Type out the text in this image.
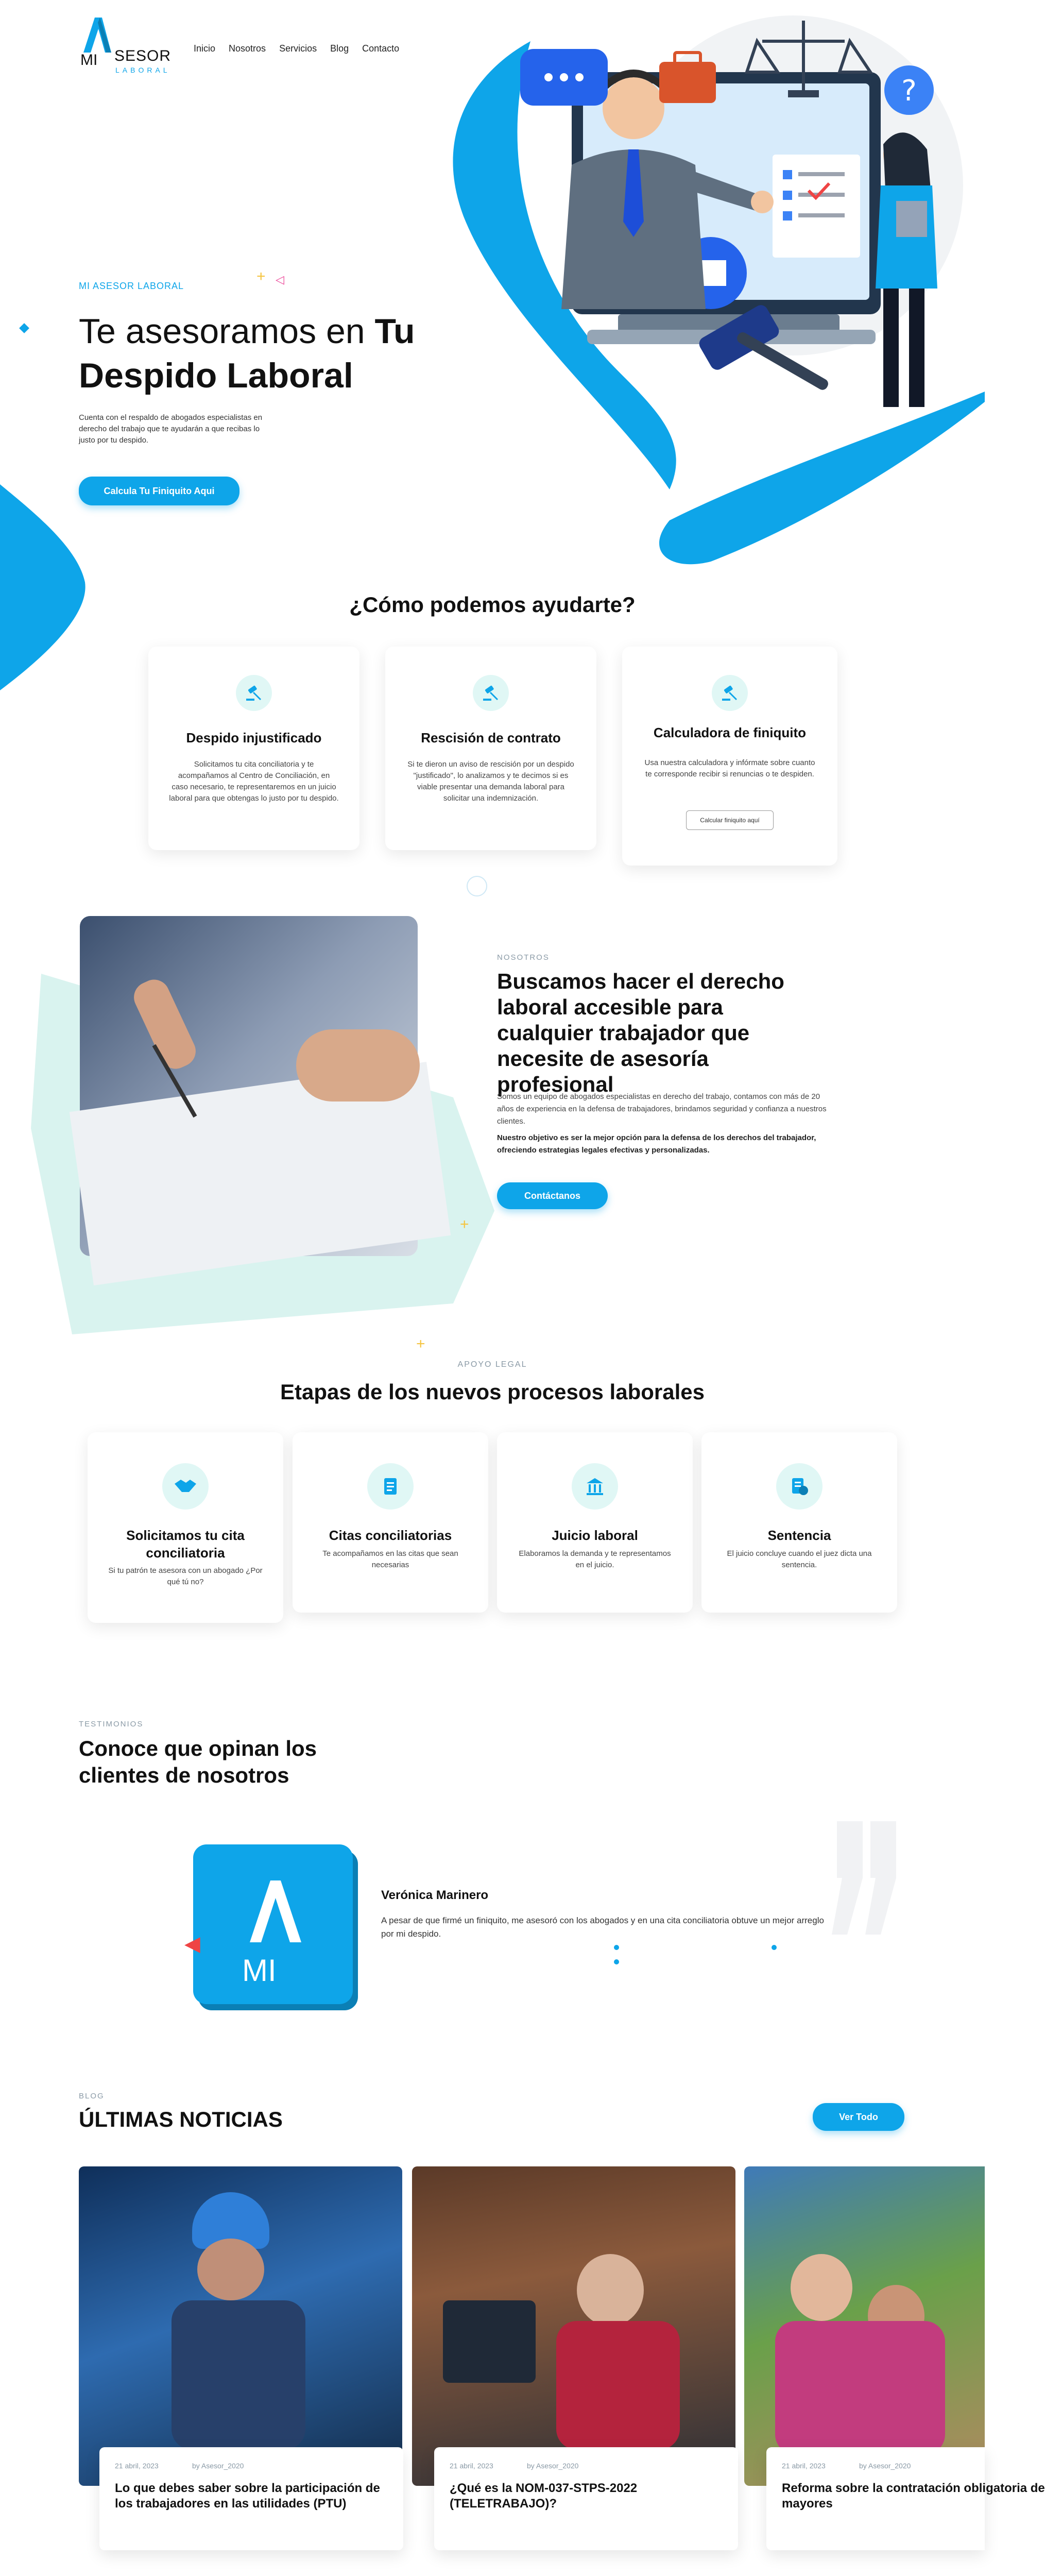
MI SESOR
LABORAL
Inicio Nosotros Servicios Blog Contacto
?
+ ◁
MI ASESOR LABORAL
Te asesoramos en Tu Despido Laboral
Cuenta con el respaldo de abogados especialistas en derecho del trabajo que te ayudarán a que recibas lo justo por tu despido.
Calcula Tu Finiquito Aqui
¿Cómo podemos ayudarte?
Despido injustificado
Solicitamos tu cita conciliatoria y te acompañamos al Centro de Conciliación, en caso necesario, te representaremos en un juicio laboral para que obtengas lo justo por tu despido.
Rescisión de contrato
Si te dieron un aviso de rescisión por un despido "justificado", lo analizamos y te decimos si es viable presentar una demanda laboral para solicitar una indemnización.
Calculadora de finiquito
Usa nuestra calculadora y infórmate sobre cuanto te corresponde recibir si renuncias o te despiden.
Calcular finiquito aquí
+
NOSOTROS
Buscamos hacer el derecho laboral accesible para cualquier trabajador que necesite de asesoría profesional
Somos un equipo de abogados especialistas en derecho del trabajo, contamos con más de 20 años de experiencia en la defensa de trabajadores, brindamos seguridad y confianza a nuestros clientes.
Nuestro objetivo es ser la mejor opción para la defensa de los derechos del trabajador, ofreciendo estrategias legales efectivas y personalizadas.
Contáctanos
+
APOYO LEGAL
Etapas de los nuevos procesos laborales
Solicitamos tu cita conciliatoria
Si tu patrón te asesora con un abogado ¿Por qué tú no?
Citas conciliatorias
Te acompañamos en las citas que sean necesarias
Juicio laboral
Elaboramos la demanda y te representamos en el juicio.
Sentencia
El juicio concluye cuando el juez dicta una sentencia.
TESTIMONIOS
Conoce que opinan los clientes de nosotros
MI
◀
Verónica Marinero
A pesar de que firmé un finiquito, me asesoró con los abogados y en una cita conciliatoria obtuve un mejor arreglo por mi despido.
BLOG
ÚLTIMAS NOTICIAS	Ver Todo
21 abril, 2023	by Asesor_2020
Lo que debes saber sobre la participación de los trabajadores en las utilidades (PTU)
21 abril, 2023	by Asesor_2020
¿Qué es la NOM-037-STPS-2022 (TELETRABAJO)?
21 abril, 2023	by Asesor_2020
Reforma sobre la contratación obligatoria de
mayores
